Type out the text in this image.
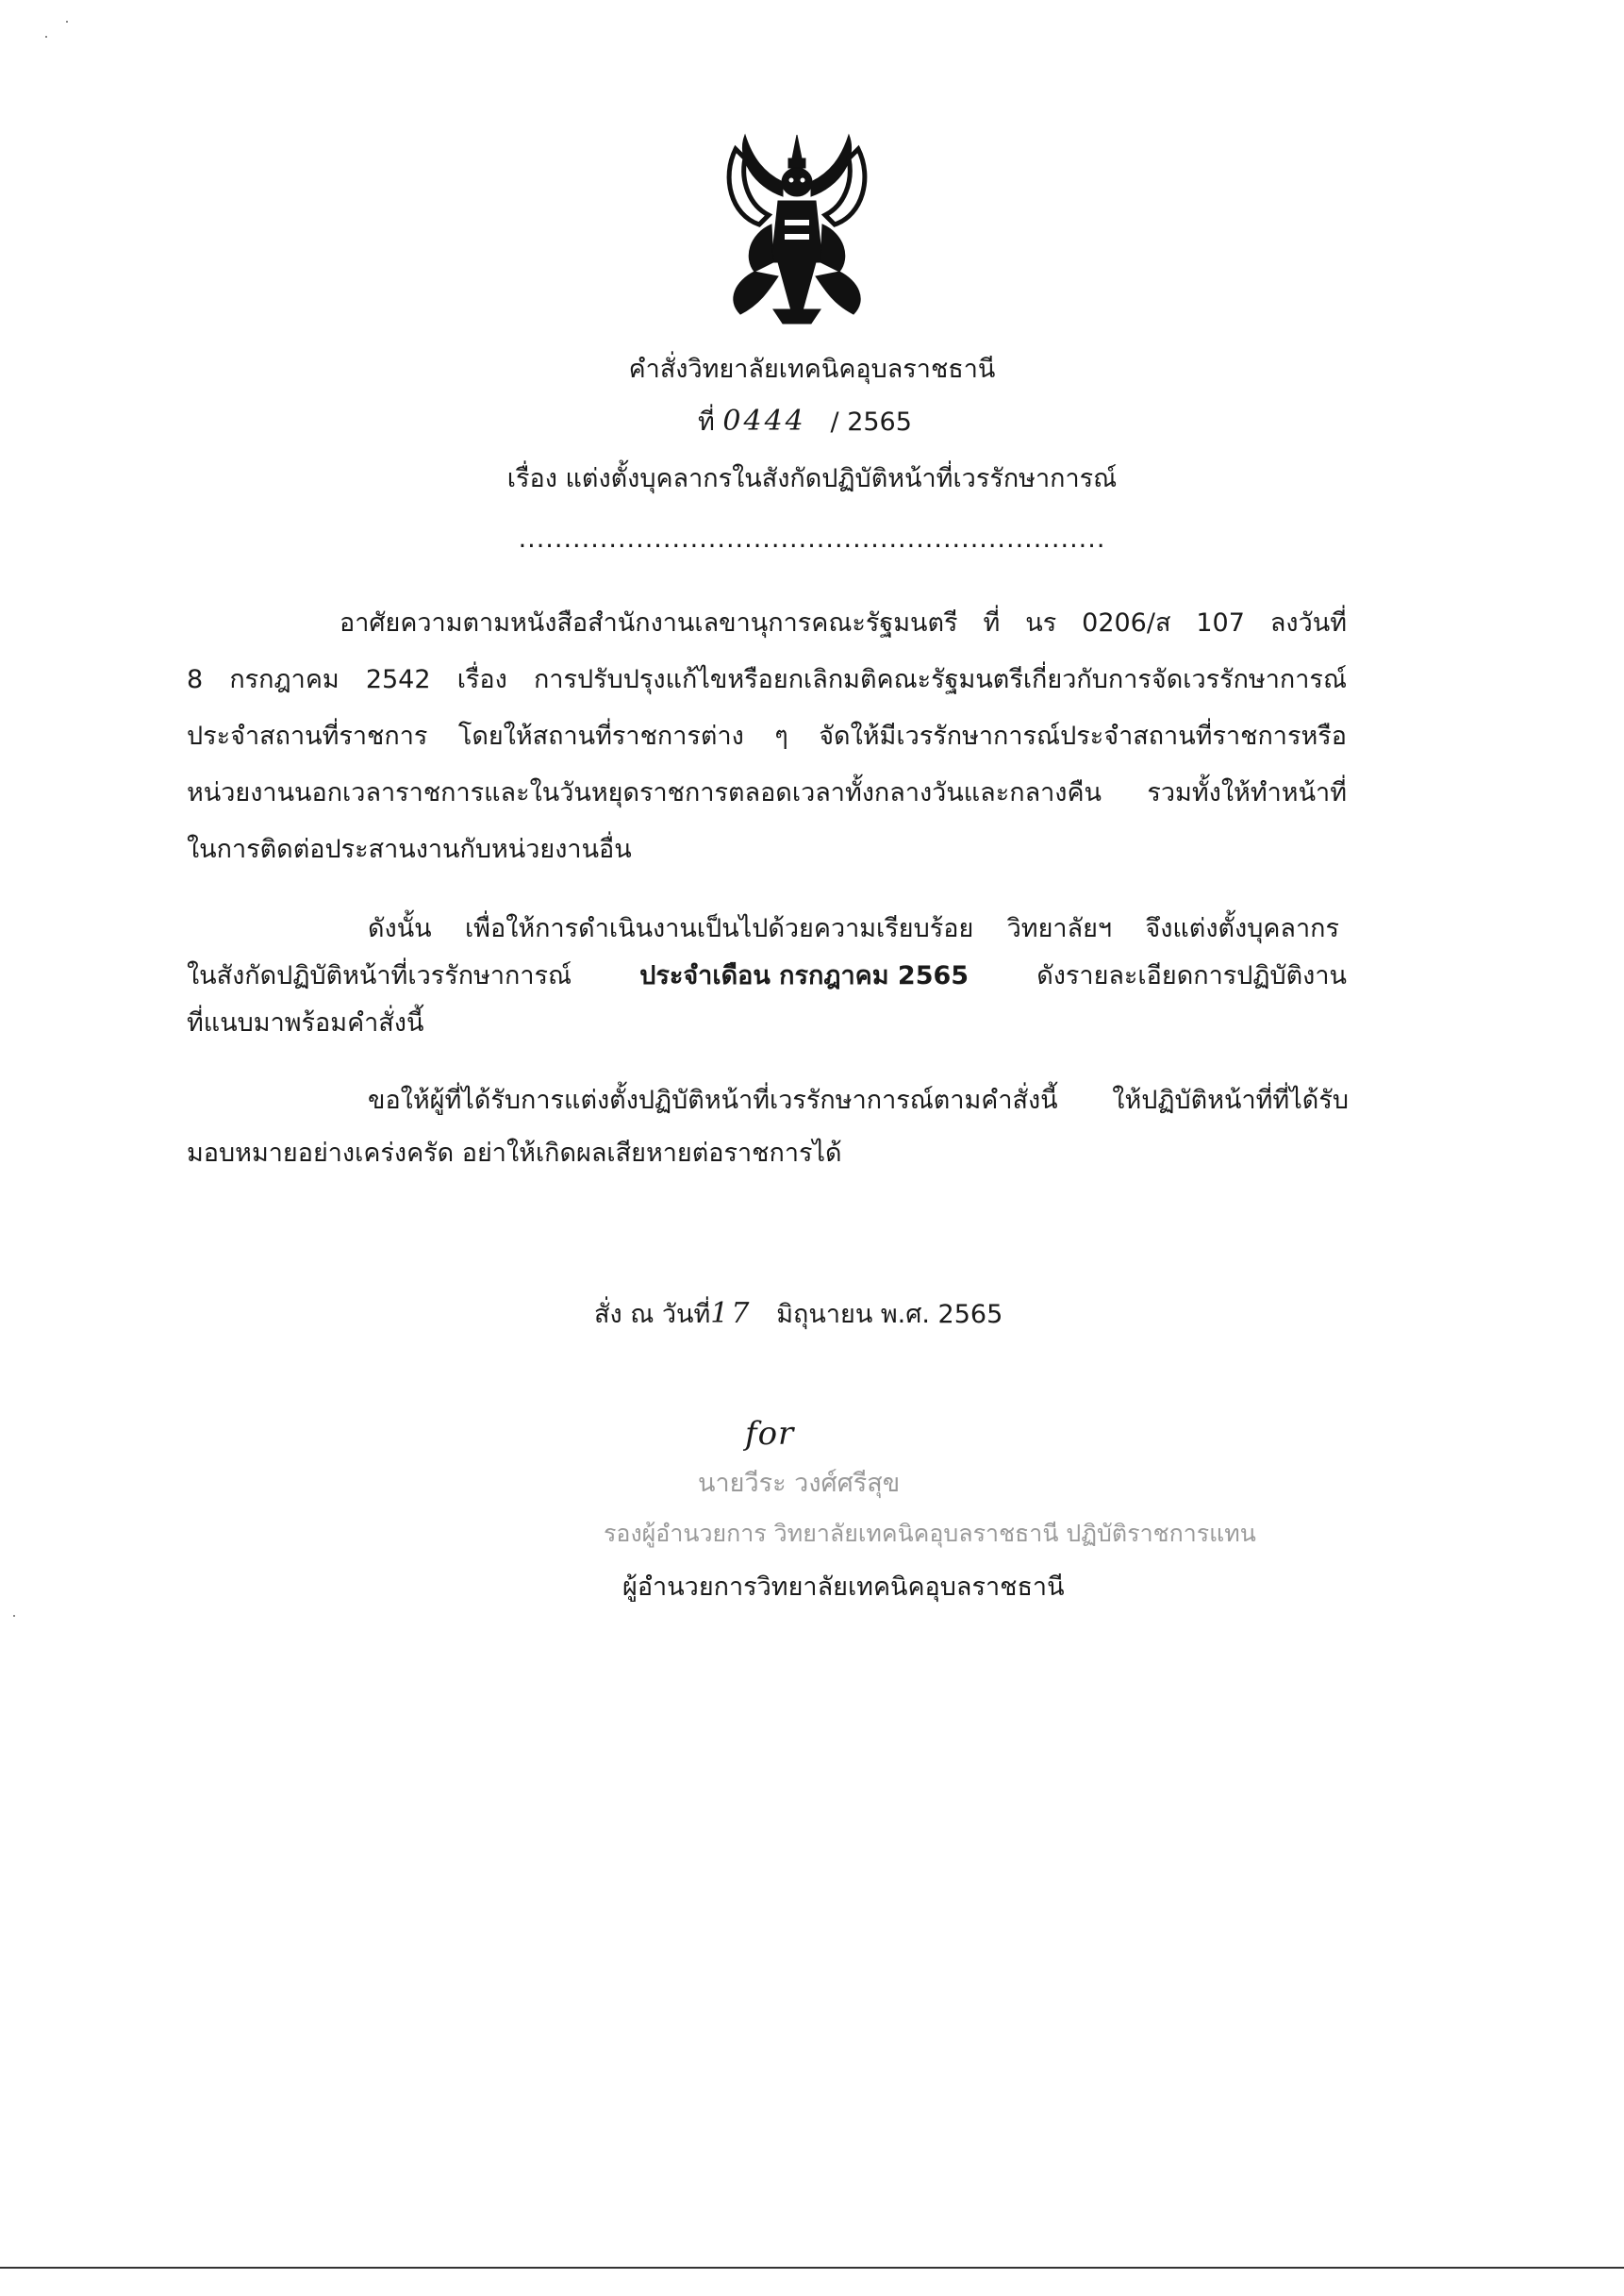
คำสั่งวิทยาลัยเทคนิคอุบลราชธานี
ที่ 0444 / 2565
เรื่อง แต่งตั้งบุคลากรในสังกัดปฏิบัติหน้าที่เวรรักษาการณ์
.................................................................
อาศัยความตามหนังสือสำนักงานเลขานุการคณะรัฐมนตรี ที่ นร 0206/ส 107 ลงวันที่
8 กรกฎาคม 2542 เรื่อง การปรับปรุงแก้ไขหรือยกเลิกมติคณะรัฐมนตรีเกี่ยวกับการจัดเวรรักษาการณ์
ประจำสถานที่ราชการ โดยให้สถานที่ราชการต่าง ๆ จัดให้มีเวรรักษาการณ์ประจำสถานที่ราชการหรือ
หน่วยงานนอกเวลาราชการและในวันหยุดราชการตลอดเวลาทั้งกลางวันและกลางคืน รวมทั้งให้ทำหน้าที่
ในการติดต่อประสานงานกับหน่วยงานอื่น
ดังนั้น เพื่อให้การดำเนินงานเป็นไปด้วยความเรียบร้อย วิทยาลัยฯ จึงแต่งตั้งบุคลากร
ในสังกัดปฏิบัติหน้าที่เวรรักษาการณ์	ประจำเดือน กรกฎาคม 2565	ดังรายละเอียดการปฏิบัติงาน
ที่แนบมาพร้อมคำสั่งนี้
ขอให้ผู้ที่ได้รับการแต่งตั้งปฏิบัติหน้าที่เวรรักษาการณ์ตามคำสั่งนี้ ให้ปฏิบัติหน้าที่ที่ได้รับ
มอบหมายอย่างเคร่งครัด อย่าให้เกิดผลเสียหายต่อราชการได้
สั่ง ณ วันที่17 มิถุนายน พ.ศ. 2565
for
นายวีระ วงศ์ศรีสุข
รองผู้อำนวยการ วิทยาลัยเทคนิคอุบลราชธานี ปฏิบัติราชการแทน
ผู้อำนวยการวิทยาลัยเทคนิคอุบลราชธานี
